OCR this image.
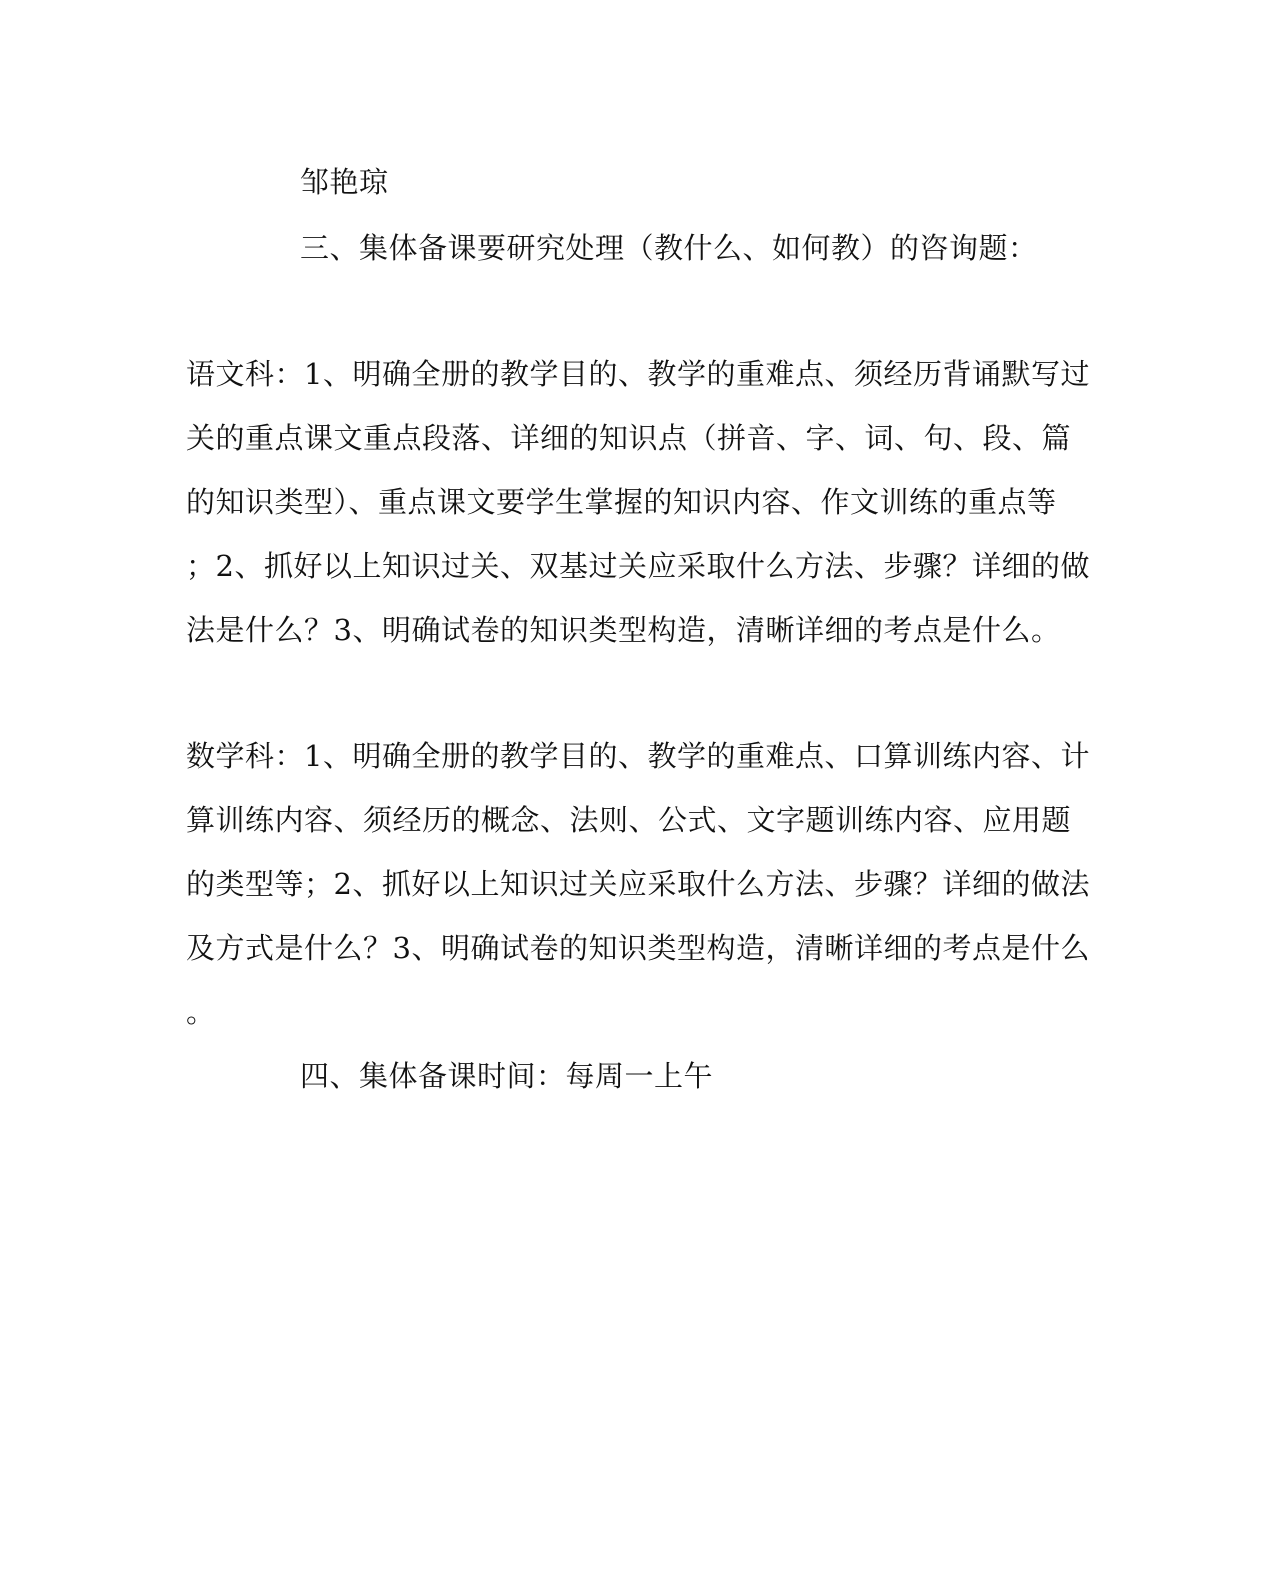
邹艳琼
三、集体备课要研究处理（教什么、如何教）的咨询题：
语文科：1、明确全册的教学目的、教学的重难点、须经历背诵默写过
关的重点课文重点段落、详细的知识点（拼音、字、词、句、段、篇
的知识类型）、重点课文要学生掌握的知识内容、作文训练的重点等
；2、抓好以上知识过关、双基过关应采取什么方法、步骤？详细的做
法是什么？3、明确试卷的知识类型构造，清晰详细的考点是什么。
数学科：1、明确全册的教学目的、教学的重难点、口算训练内容、计
算训练内容、须经历的概念、法则、公式、文字题训练内容、应用题
的类型等；2、抓好以上知识过关应采取什么方法、步骤？详细的做法
及方式是什么？3、明确试卷的知识类型构造，清晰详细的考点是什么
。
四、集体备课时间：每周一上午
